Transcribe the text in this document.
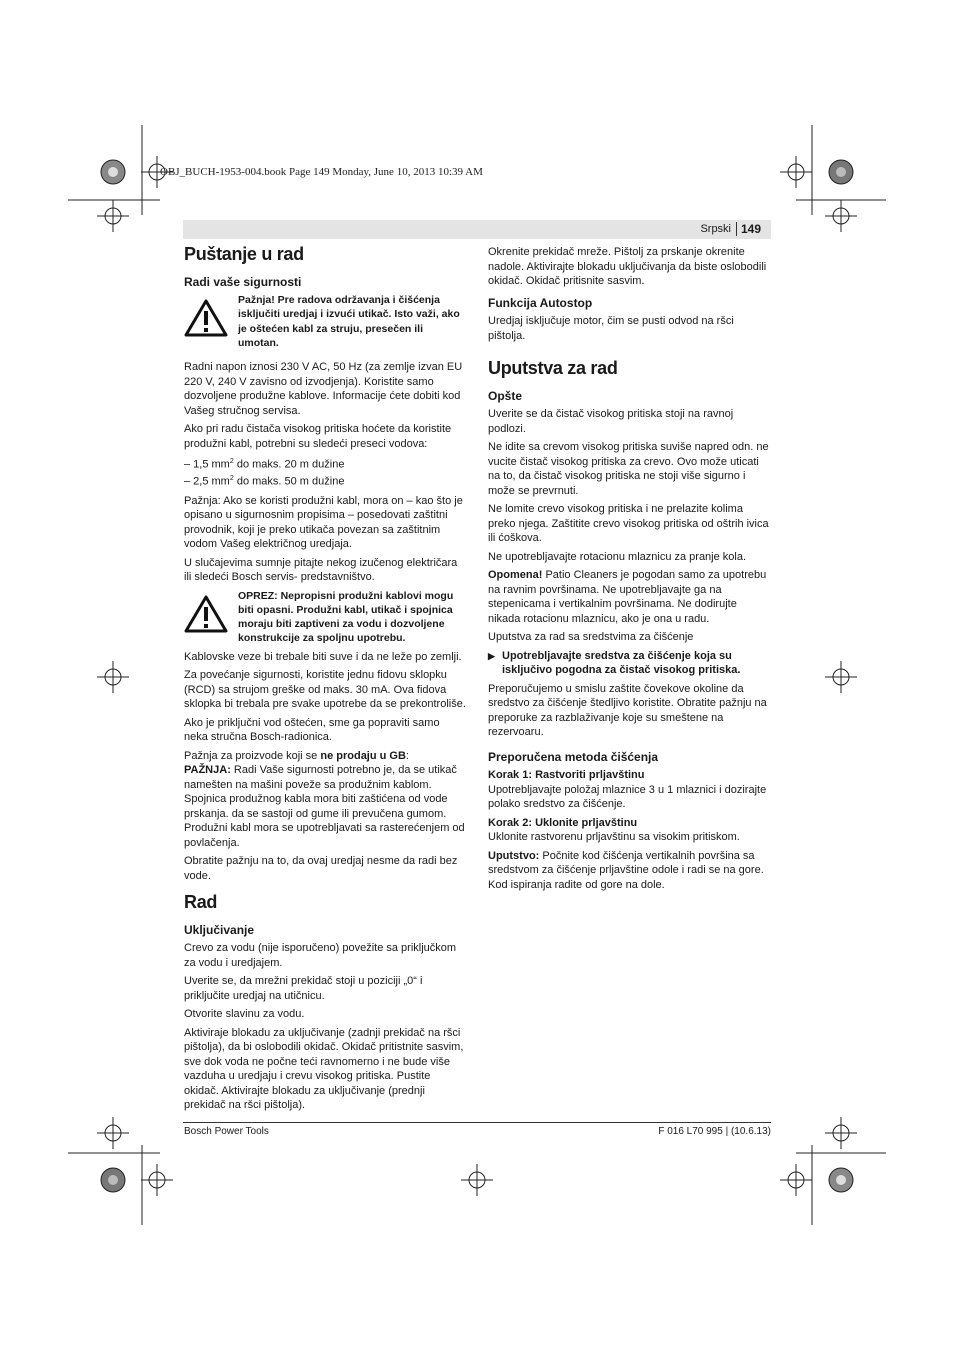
OBJ_BUCH-1953-004.book Page 149 Monday, June 10, 2013 10:39 AM
Srpski 149
Puštanje u rad
Radi vaše sigurnosti
Pažnja! Pre radova održavanja i čišćenja isključiti uredjaj i izvući utikač. Isto važi, ako je oštećen kabl za struju, presečen ili umotan.

Radni napon iznosi 230 V AC, 50 Hz (za zemlje izvan EU 220 V, 240 V zavisno od izvodjenja). Koristite samo dozvoljene produžne kablove. Informacije ćete dobiti kod Vašeg stručnog servisa.

Ako pri radu čistača visokog pritiska hoćete da koristite produžni kabl, potrebni su sledeći preseci vodova:

– 1,5 $mm^2$ do maks. 20 m dužine
– 2,5 $mm^2$ do maks. 50 m dužine

Pažnja: Ako se koristi produžni kabl, mora on – kao što je opisano u sigurnosnim propisima – posedovati zaštitni provodnik, koji je preko utikača povezan sa zaštitnim vodom Vašeg električnog uredjaja.

U slučajevima sumnje pitajte nekog izučenog električara ili sledeći Bosch servis- predstavništvo.

OPREZ: Nepropisni produžni kablovi mogu biti opasni. Produžni kabl, utikač i spojnica moraju biti zaptiveni za vodu i dozvoljene konstrukcije za spoljnu upotrebu.

Kablovske veze bi trebale biti suve i da ne leže po zemlji.

Za povećanje sigurnosti, koristite jednu fidovu sklopku (RCD) sa strujom greške od maks. 30 mA. Ova fidova sklopka bi trebala pre svake upotrebe da se prekontroliše.

Ako je priključni vod oštećen, sme ga popraviti samo neka stručna Bosch-radionica.

Pažnja za proizvode koji se ne prodaju u GB:

PAŽNJA: Radi Vaše sigurnosti potrebno je, da se utikač namešten na mašini poveže sa produžnim kablom. Spojnica produžnog kabla mora biti zaštićena od vode prskanja. da se sastoji od gume ili prevučena gumom. Produžni kabl mora se upotrebljavati sa rasterećenjem od povlačenja.

Obratite pažnju na to, da ovaj uredjaj nesme da radi bez vode.

Rad
Uključivanje

Crevo za vodu (nije isporučeno) povežite sa priključkom za vodu i uredjajem.

Uverite se, da mrežni prekidač stoji u poziciji „0“ i priključite uredjaj na utičnicu.

Otvorite slavinu za vodu.

Aktiviraje blokadu za uključivanje (zadnji prekidač na ršci pištolja), da bi oslobodili okidač. Okidač pritistnite sasvim, sve dok voda ne počne teći ravnomerno i ne bude više vazduha u uredjaju i crevu visokog pritiska. Pustite okidač. Aktivirajte blokadu za uključivanje (prednji prekidač na ršci pištolja).

Okrenite prekidač mreže. Pištolj za prskanje okrenite nadole. Aktivirajte blokadu uključivanja da biste oslobodili okidač. Okidač pritisnite sasvim.

Funkcija Autostop

Uredjaj isključuje motor, čim se pusti odvod na ršci pištolja.

Uputstva za rad
Opšte

Uverite se da čistač visokog pritiska stoji na ravnoj podlozi.

Ne idite sa crevom visokog pritiska suviše napred odn. ne vucite čistač visokog pritiska za crevo. Ovo može uticati na to, da čistač visokog pritiska ne stoji više sigurno i može se prevrnuti.

Ne lomite crevo visokog pritiska i ne prelazite kolima preko njega. Zaštitite crevo visokog pritiska od oštrih ivica ili ćoškova.

Ne upotrebljavajte rotacionu mlaznicu za pranje kola.

Opomena! Patio Cleaners je pogodan samo za upotrebu na ravnim površinama. Ne upotrebljavajte ga na stepenicama i vertikalnim površinama. Ne dodirujte nikada rotacionu mlaznicu, ako je ona u radu.

Uputstva za rad sa sredstvima za čišćenje

▶ Upotrebljavajte sredstva za čišćenje koja su isključivo pogodna za čistač visokog pritiska.

Preporučujemo u smislu zaštite čovekove okoline da sredstvo za čišćenje štedljivo koristite. Obratite pažnju na preporuke za razblaživanje koje su smeštene na rezervoaru.

Preporučena metoda čišćenja
Korak 1: Rastvoriti prljavštinu

Upotrebljavajte položaj mlaznice 3 u 1 mlaznici i dozirajte polako sredstvo za čišćenje.

Korak 2: Uklonite prljavštinu

Uklonite rastvorenu prljavštinu sa visokim pritiskom.

Uputstvo: Počnite kod čišćenja vertikalnih površina sa sredstvom za čišćenje prljavštine odole i radi se na gore. Kod ispiranja radite od gore na dole.

Bosch Power Tools	F 016 L70 995 | (10.6.13)
